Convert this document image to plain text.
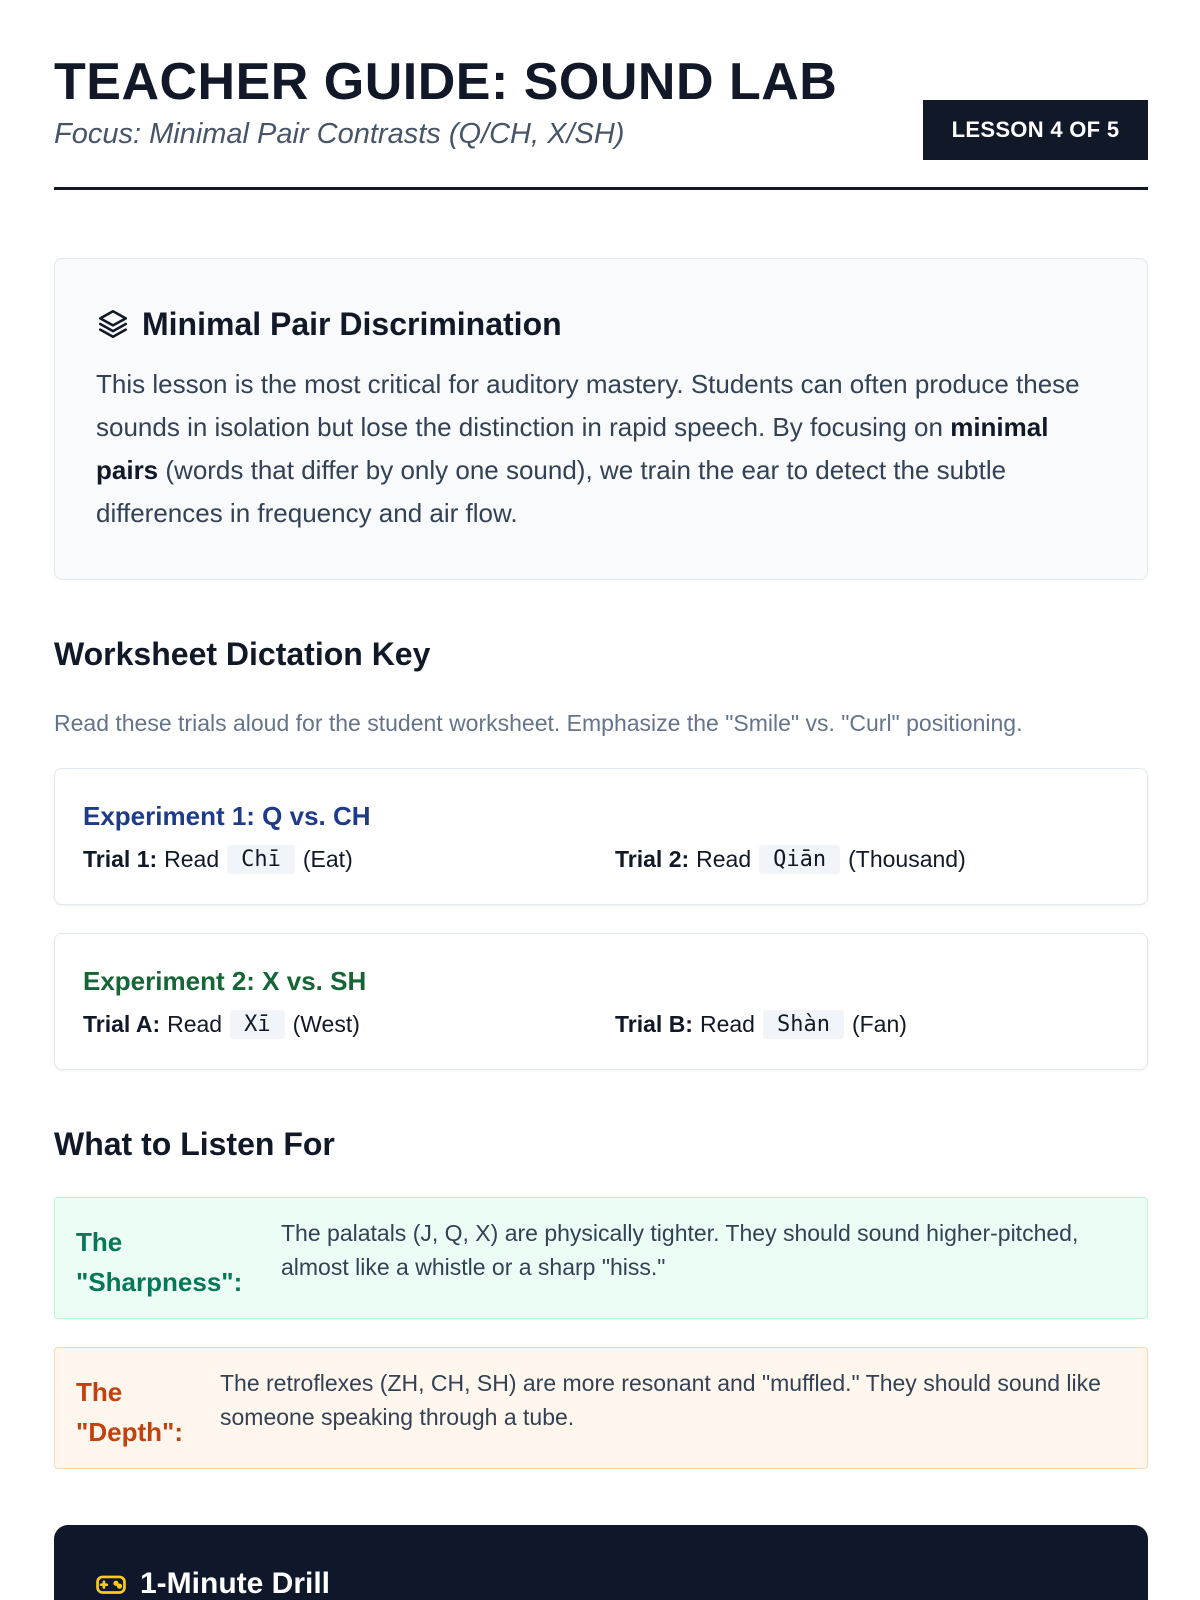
TEACHER GUIDE: SOUND LAB
Focus: Minimal Pair Contrasts (Q/CH, X/SH)	LESSON 4 OF 5
Minimal Pair Discrimination

This lesson is the most critical for auditory mastery. Students can often produce these sounds in isolation but lose the distinction in rapid speech. By focusing on minimal pairs (words that differ by only one sound), we train the ear to detect the subtle differences in frequency and air flow.

Worksheet Dictation Key
Read these trials aloud for the student worksheet. Emphasize the "Smile" vs. "Curl" positioning.
Experiment 1: Q vs. CH
Trial 1: Read	Chī (Eat)	Trial 2: Read	Qiān (Thousand)
Experiment 2: X vs. SH
Trial A: Read	Xī (West)	Trial B: Read	Shàn (Fan)
What to Listen For
The
"Sharpness":
The palatals (J, Q, X) are physically tighter. They should sound higher-pitched, almost like a whistle or a sharp "hiss."
The
"Depth":
The retroflexes (ZH, CH, SH) are more resonant and "muffled." They should sound like someone speaking through a tube.
1-Minute Drill
